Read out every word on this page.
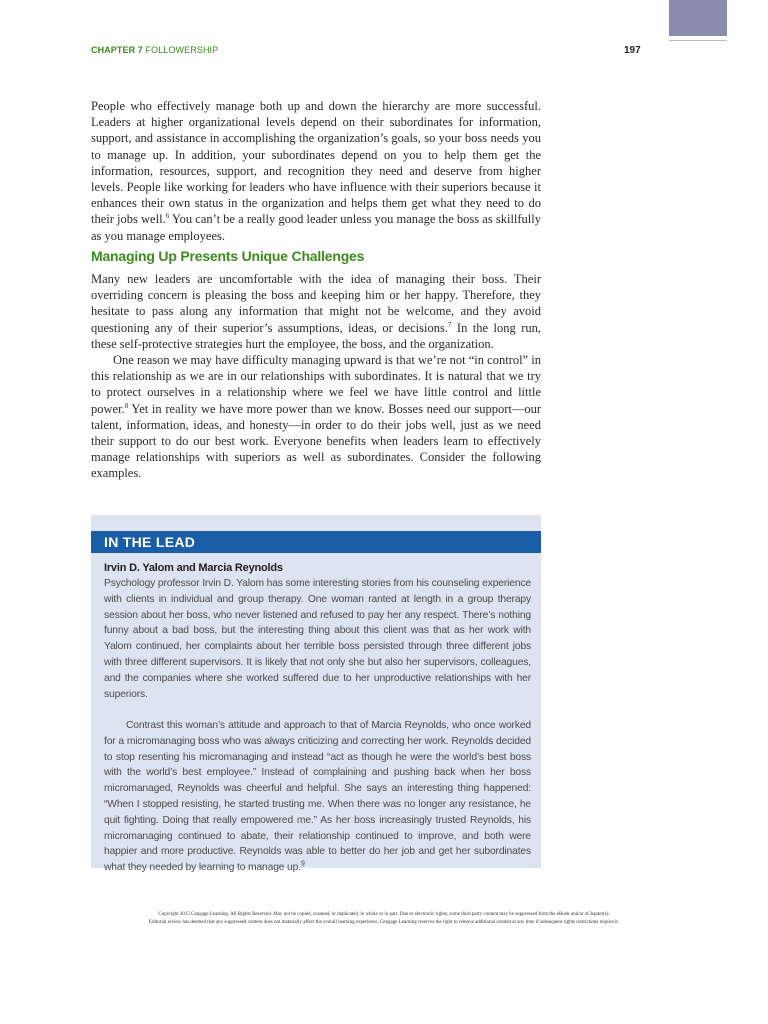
CHAPTER 7 FOLLOWERSHIP	197

People who effectively manage both up and down the hierarchy are more successful. Leaders at higher organizational levels depend on their subordinates for information, support, and assistance in accomplishing the organization’s goals, so your boss needs you to manage up. In addition, your subordinates depend on you to help them get the information, resources, support, and recognition they need and deserve from higher levels. People like working for leaders who have influence with their superiors because it enhances their own status in the organization and helps them get what they need to do their jobs well.$^6$ You can’t be a really good leader unless you manage the boss as skillfully as you manage employees.

Managing Up Presents Unique Challenges

Many new leaders are uncomfortable with the idea of managing their boss. Their overriding concern is pleasing the boss and keeping him or her happy. Therefore, they hesitate to pass along any information that might not be welcome, and they avoid questioning any of their superior’s assumptions, ideas, or decisions.$^7$ In the long run, these self-protective strategies hurt the employee, the boss, and the organization.

One reason we may have difficulty managing upward is that we’re not “in control” in this relationship as we are in our relationships with subordinates. It is natural that we try to protect ourselves in a relationship where we feel we have little control and little power.$^8$ Yet in reality we have more power than we know. Bosses need our support—our talent, information, ideas, and honesty—in order to do their jobs well, just as we need their support to do our best work. Everyone benefits when leaders learn to effectively manage relationships with superiors as well as subordinates. Consider the following examples.

IN THE LEAD
Irvin D. Yalom and Marcia Reynolds

Psychology professor Irvin D. Yalom has some interesting stories from his counseling experience with clients in individual and group therapy. One woman ranted at length in a group therapy session about her boss, who never listened and refused to pay her any respect. There’s nothing funny about a bad boss, but the interesting thing about this client was that as her work with Yalom continued, her complaints about her terrible boss persisted through three different jobs with three different supervisors. It is likely that not only she but also her supervisors, colleagues, and the companies where she worked suffered due to her unproductive relationships with her superiors.

Contrast this woman’s attitude and approach to that of Marcia Reynolds, who once worked for a micromanaging boss who was always criticizing and correcting her work. Reynolds decided to stop resenting his micromanaging and instead “act as though he were the world’s best boss with the world’s best employee.” Instead of complaining and pushing back when her boss micromanaged, Reynolds was cheerful and helpful. She says an interesting thing happened: “When I stopped resisting, he started trusting me. When there was no longer any resistance, he quit fighting. Doing that really empowered me.” As her boss increasingly trusted Reynolds, his micromanaging continued to abate, their relationship continued to improve, and both were happier and more productive. Reynolds was able to better do her job and get her subordinates what they needed by learning to manage up.$^9$

Copyright 2015 Cengage Learning. All Rights Reserved. May not be copied, scanned, or duplicated, in whole or in part. Due to electronic rights, some third party content may be suppressed from the eBook and/or eChapter(s).
Editorial review has deemed that any suppressed content does not materially affect the overall learning experience. Cengage Learning reserves the right to remove additional content at any time if subsequent rights restrictions require it.
